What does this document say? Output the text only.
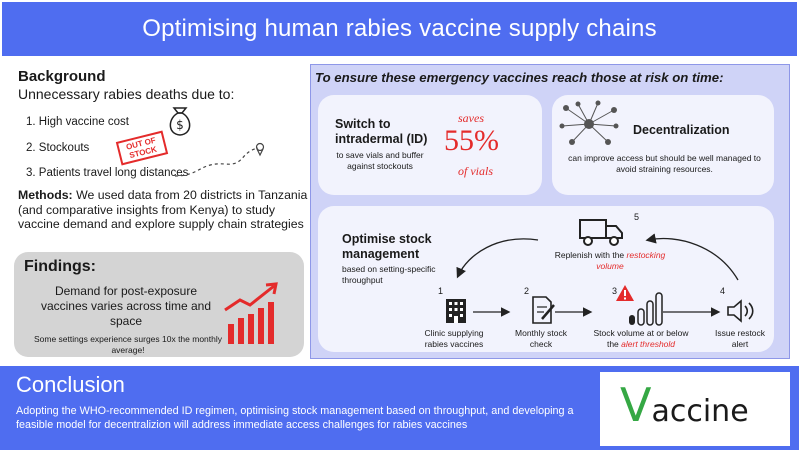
Optimising human rabies vaccine supply chains
Background
Unnecessary rabies deaths due to:
1. High vaccine cost
2. Stockouts
3. Patients travel long distances
$
OUT OF STOCK
Methods: We used data from 20 districts in Tanzania (and comparative insights from Kenya) to study vaccine demand and explore supply chain strategies
Findings:
Demand for post-exposure vaccines varies across time and space
Some settings experience surges 10x the monthly average!
To ensure these emergency vaccines reach those at risk on time:
Switch to intradermal (ID)
to save vials and buffer against stockouts
saves
55%
of vials
Decentralization
can improve access but should be well managed to avoid straining resources.
Optimise stock management
based on setting-specific throughput
5
Replenish with the restocking volume
1	2	3	4
Clinic supplying rabies vaccines
Monthly stock check
Stock volume at or below the alert threshold
Issue restock alert
Conclusion

Adopting the WHO-recommended ID regimen, optimising stock management based on throughput, and developing a feasible model for decentralizion will address immediate access challenges for rabies vaccines	Vaccine
